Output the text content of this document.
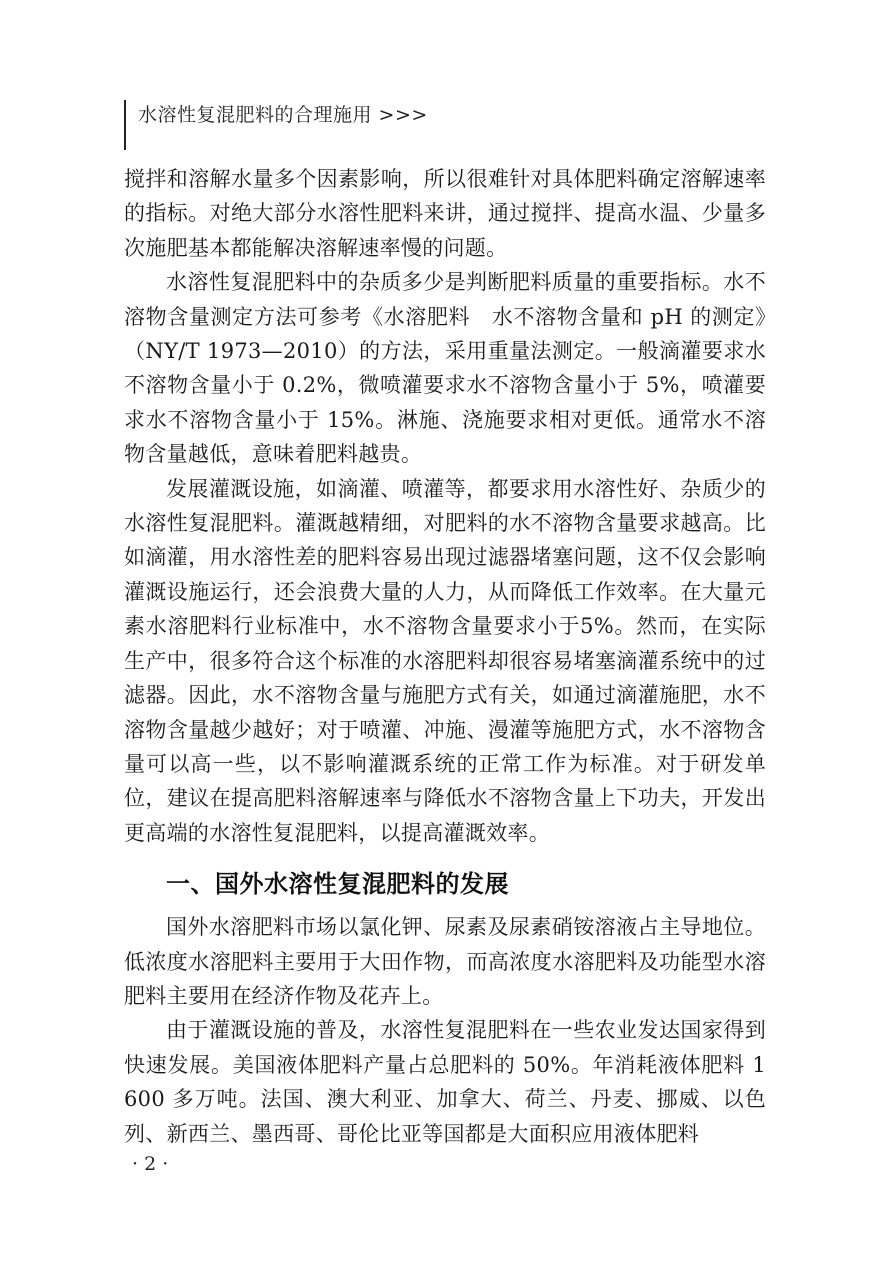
水溶性复混肥料的合理施用 >>>

搅拌和溶解水量多个因素影响，所以很难针对具体肥料确定溶解速率的指标。对绝大部分水溶性肥料来讲，通过搅拌、提高水温、少量多次施肥基本都能解决溶解速率慢的问题。

水溶性复混肥料中的杂质多少是判断肥料质量的重要指标。水不溶物含量测定方法可参考《水溶肥料　水不溶物含量和 pH 的测定》（NY/T 1973—2010）的方法，采用重量法测定。一般滴灌要求水不溶物含量小于 0.2%，微喷灌要求水不溶物含量小于 5%，喷灌要求水不溶物含量小于 15%。淋施、浇施要求相对更低。通常水不溶物含量越低，意味着肥料越贵。

发展灌溉设施，如滴灌、喷灌等，都要求用水溶性好、杂质少的水溶性复混肥料。灌溉越精细，对肥料的水不溶物含量要求越高。比如滴灌，用水溶性差的肥料容易出现过滤器堵塞问题，这不仅会影响灌溉设施运行，还会浪费大量的人力，从而降低工作效率。在大量元素水溶肥料行业标准中，水不溶物含量要求小于5%。然而，在实际生产中，很多符合这个标准的水溶肥料却很容易堵塞滴灌系统中的过滤器。因此，水不溶物含量与施肥方式有关，如通过滴灌施肥，水不溶物含量越少越好；对于喷灌、冲施、漫灌等施肥方式，水不溶物含量可以高一些，以不影响灌溉系统的正常工作为标准。对于研发单位，建议在提高肥料溶解速率与降低水不溶物含量上下功夫，开发出更高端的水溶性复混肥料，以提高灌溉效率。

一、国外水溶性复混肥料的发展

国外水溶肥料市场以氯化钾、尿素及尿素硝铵溶液占主导地位。低浓度水溶肥料主要用于大田作物，而高浓度水溶肥料及功能型水溶肥料主要用在经济作物及花卉上。

由于灌溉设施的普及，水溶性复混肥料在一些农业发达国家得到快速发展。美国液体肥料产量占总肥料的 50%。年消耗液体肥料 1 600 多万吨。法国、澳大利亚、加拿大、荷兰、丹麦、挪威、以色列、新西兰、墨西哥、哥伦比亚等国都是大面积应用液体肥料

· 2 ·
